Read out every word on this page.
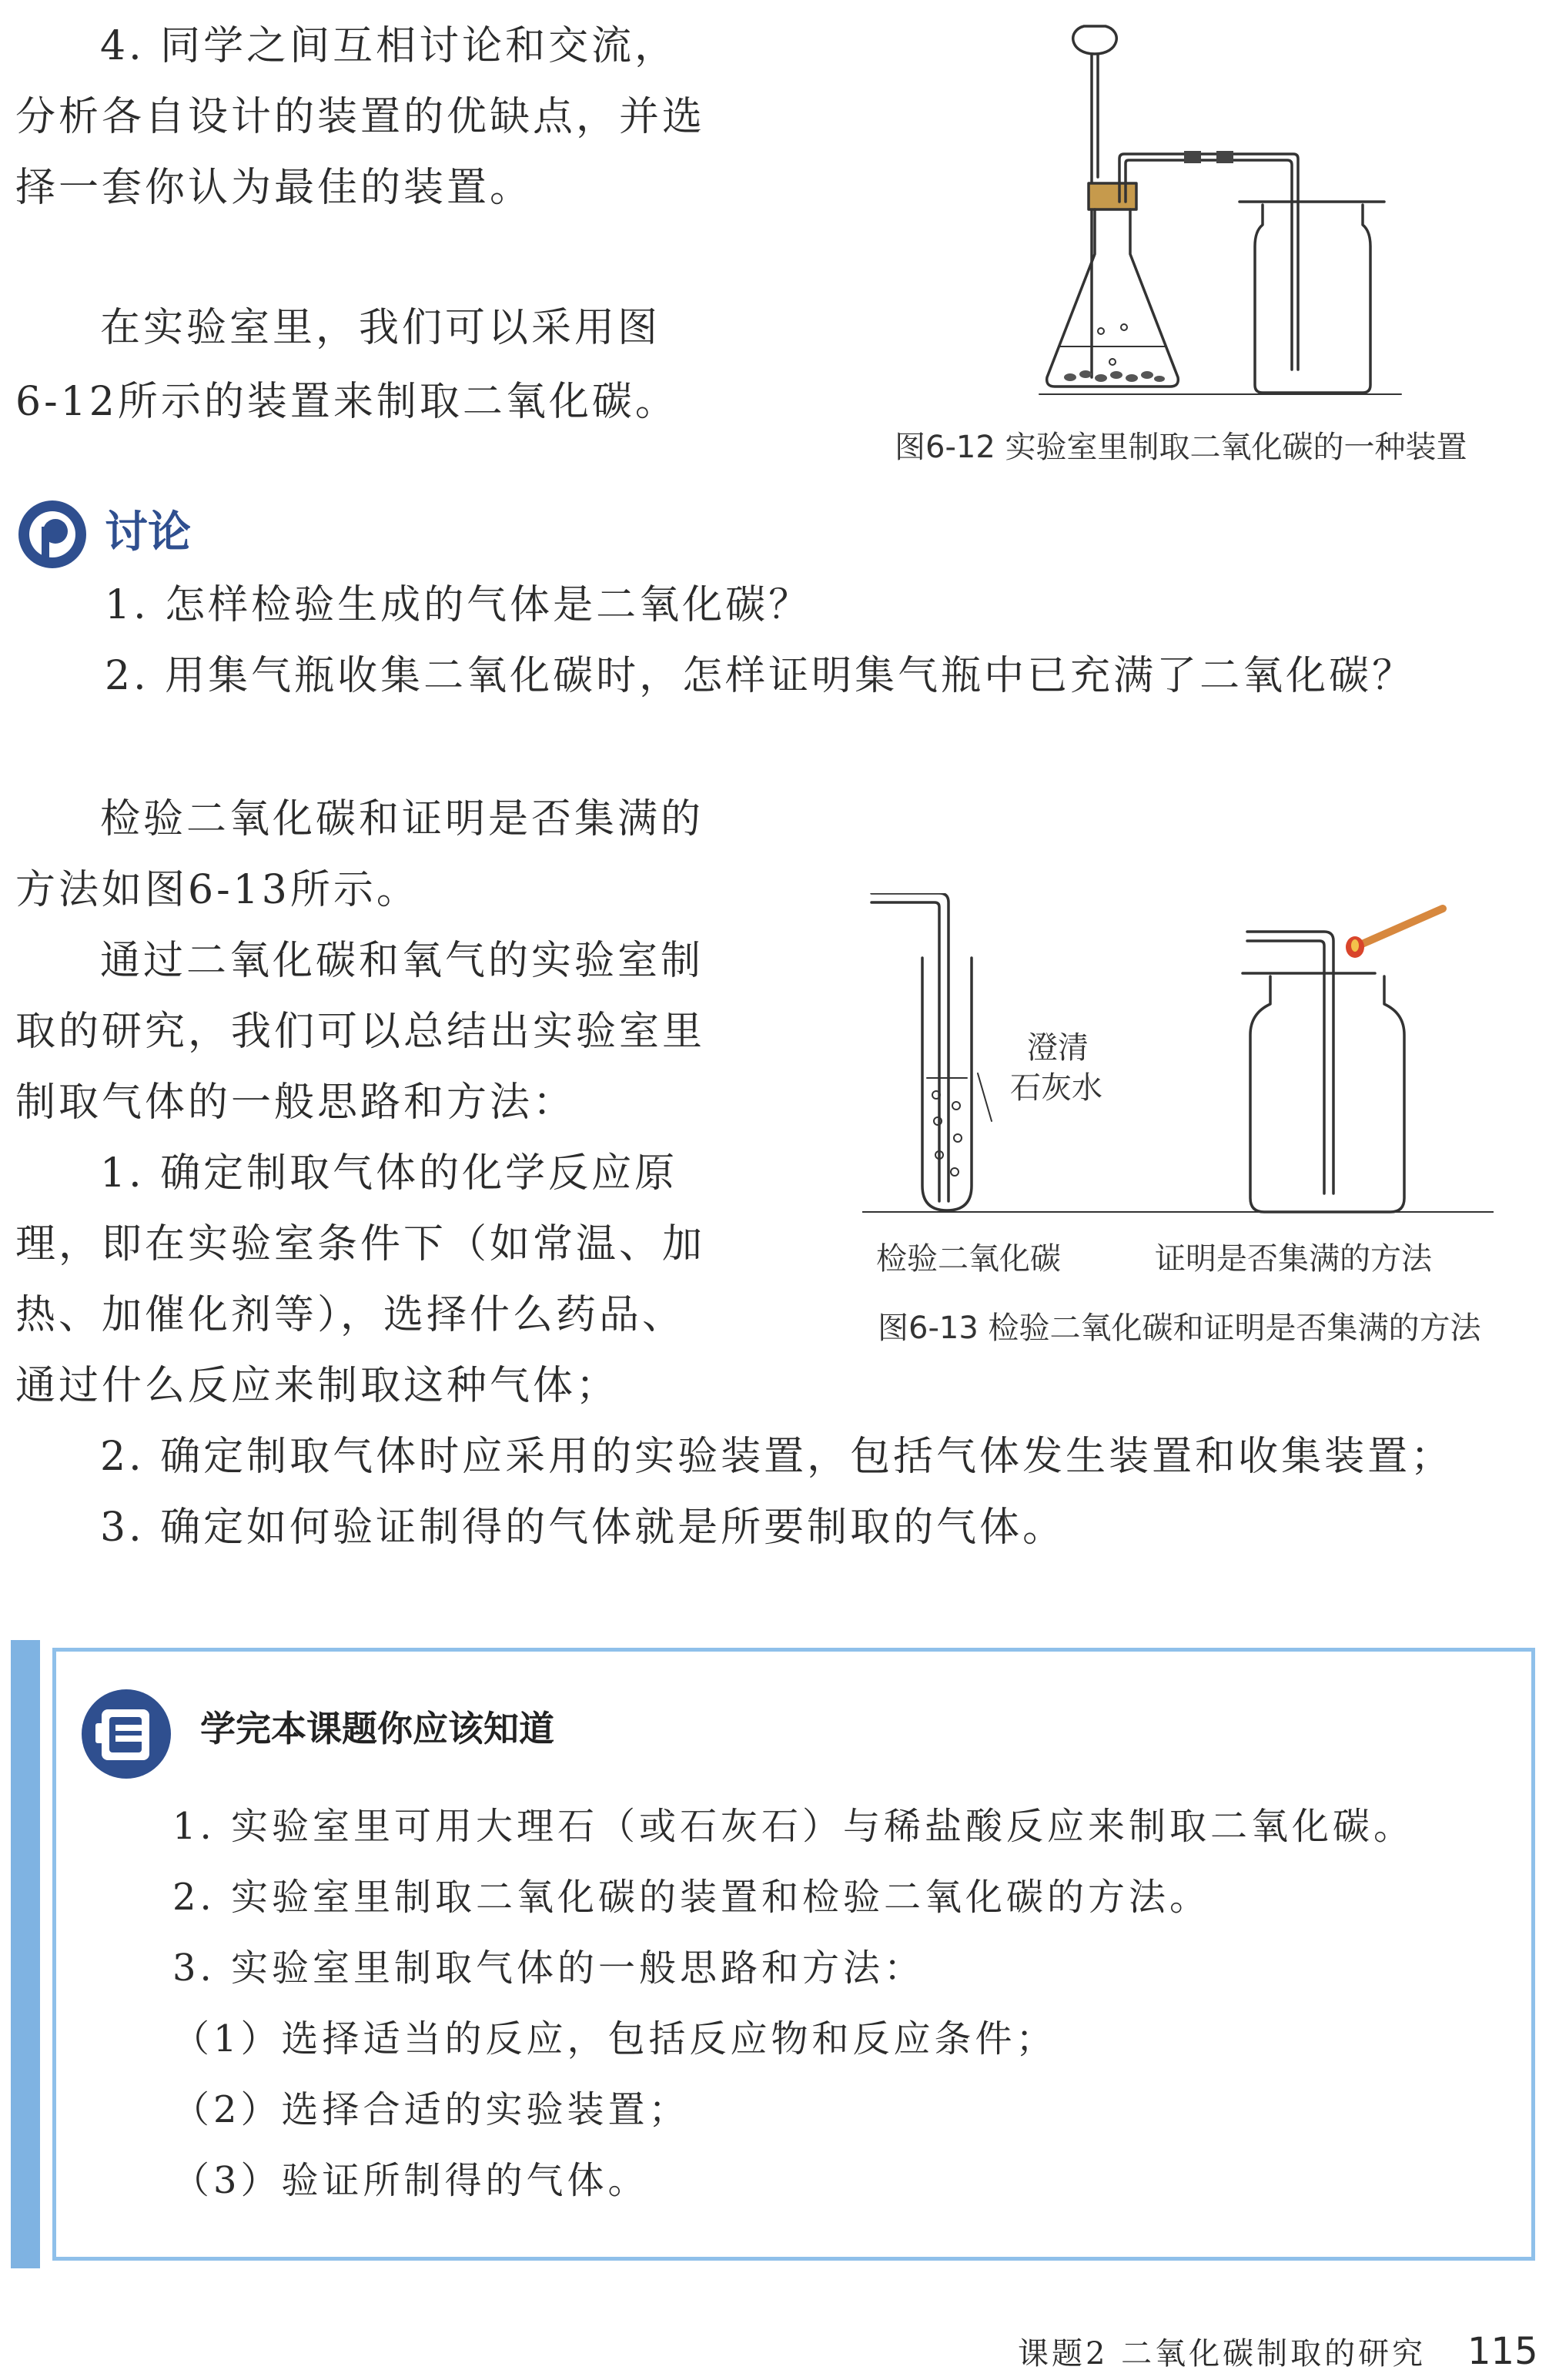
4. 同学之间互相讨论和交流，
分析各自设计的装置的优缺点，并选
择一套你认为最佳的装置。
在实验室里，我们可以采用图
6-12所示的装置来制取二氧化碳。
图6-12 实验室里制取二氧化碳的一种装置
讨论
1. 怎样检验生成的气体是二氧化碳？
2. 用集气瓶收集二氧化碳时，怎样证明集气瓶中已充满了二氧化碳？
检验二氧化碳和证明是否集满的
方法如图6-13所示。
通过二氧化碳和氧气的实验室制
取的研究，我们可以总结出实验室里
制取气体的一般思路和方法：
1. 确定制取气体的化学反应原
理，即在实验室条件下（如常温、加
热、加催化剂等），选择什么药品、
通过什么反应来制取这种气体；
2. 确定制取气体时应采用的实验装置，包括气体发生装置和收集装置；
3. 确定如何验证制得的气体就是所要制取的气体。
澄清
石灰水
检验二氧化碳	证明是否集满的方法
图6-13 检验二氧化碳和证明是否集满的方法
学完本课题你应该知道
1. 实验室里可用大理石（或石灰石）与稀盐酸反应来制取二氧化碳。
2. 实验室里制取二氧化碳的装置和检验二氧化碳的方法。
3. 实验室里制取气体的一般思路和方法：
（1）选择适当的反应，包括反应物和反应条件；
（2）选择合适的实验装置；
（3）验证所制得的气体。
课题2 二氧化碳制取的研究 115
